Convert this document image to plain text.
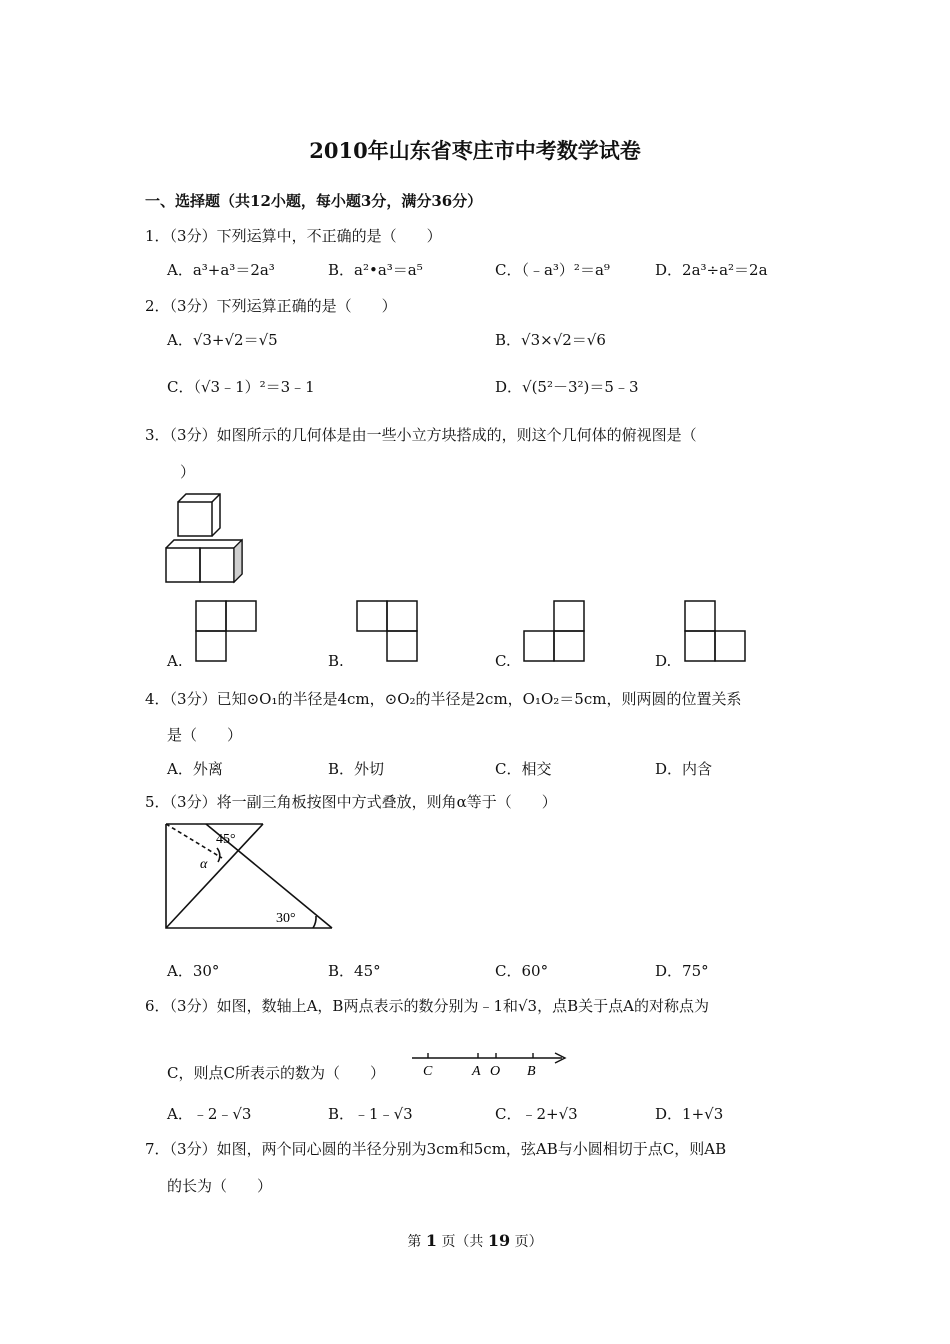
2010年山东省枣庄市中考数学试卷
一、选择题（共12小题，每小题3分，满分36分）
1．（3分）下列运算中，不正确的是（　　）
A．a³+a³＝2a³	B．a²•a³＝a⁵	C．（﹣a³）²＝a⁹	D．2a³÷a²＝2a
2．（3分）下列运算正确的是（　　）
A．√3+√2＝√5	B．√3×√2＝√6
C．（√3﹣1）²＝3﹣1	D．√(5²－3²)＝5﹣3
3．（3分）如图所示的几何体是由一些小立方块搭成的，则这个几何体的俯视图是（
）
A.	B.	C.	D.
4．（3分）已知⊙O₁的半径是4cm，⊙O₂的半径是2cm，O₁O₂＝5cm，则两圆的位置关系
是（　　）
A．外离	B．外切	C．相交	D．内含
5．（3分）将一副三角板按图中方式叠放，则角α等于（　　）
45°
α
30°
A．30°	B．45°	C．60°	D．75°
6．（3分）如图，数轴上A，B两点表示的数分别为﹣1和√3，点B关于点A的对称点为
C，则点C所表示的数为（　　）	C	A O B
A．﹣2﹣√3	B．﹣1﹣√3	C．﹣2+√3	D．1+√3
7．（3分）如图，两个同心圆的半径分别为3cm和5cm，弦AB与小圆相切于点C，则AB
的长为（　　）
第 1 页（共 19 页）
